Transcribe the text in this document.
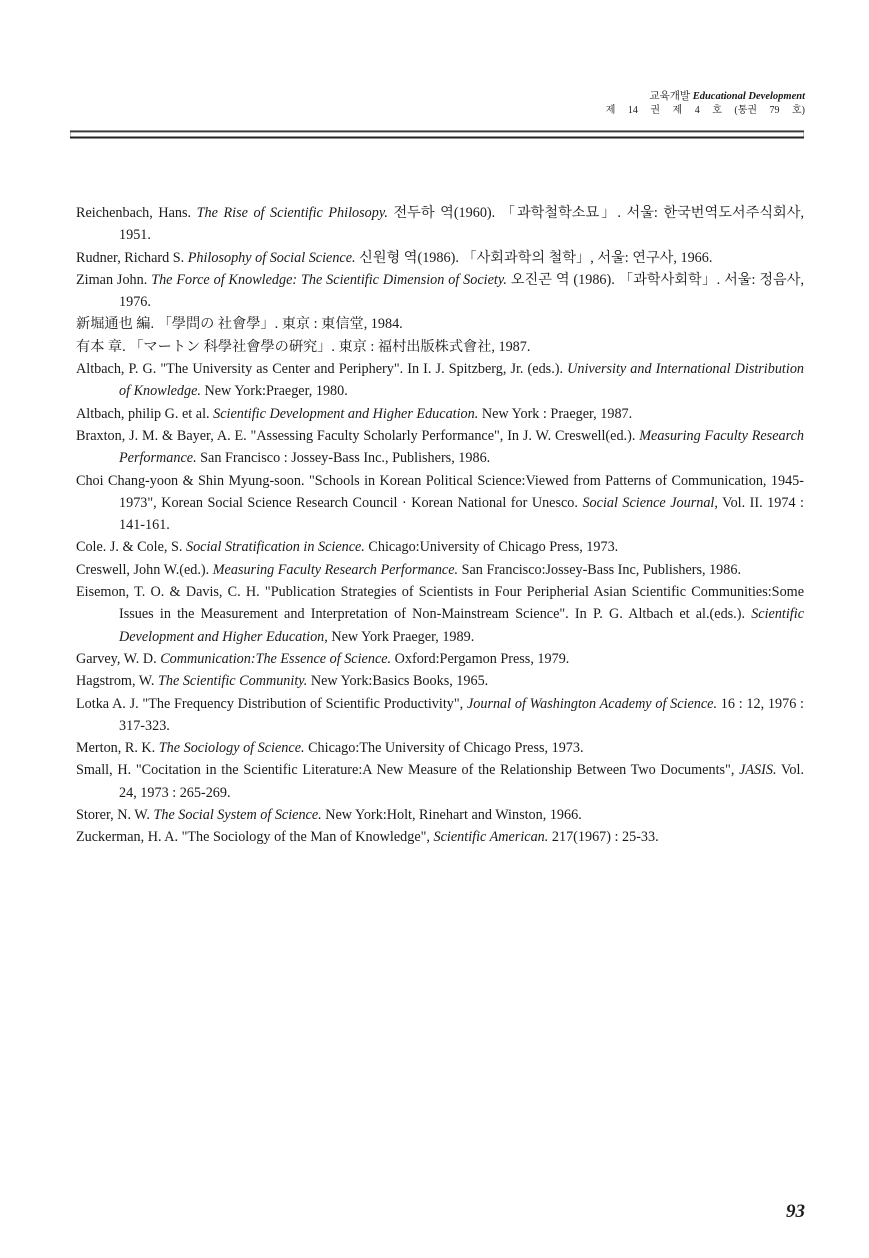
교육개발 Educational Development
제 14 권 제 4 호 (통권 79 호)

Reichenbach, Hans. The Rise of Scientific Philosopy. 전두하 역(1960). 「과학철학소묘」. 서울: 한국번역도서주식회사, 1951.

Rudner, Richard S. Philosophy of Social Science. 신원형 역(1986). 「사회과학의 철학」, 서울: 연구사, 1966.

Ziman John. The Force of Knowledge: The Scientific Dimension of Society. 오진곤 역 (1986). 「과학사회학」. 서울: 정음사, 1976.

新堀通也 編. 「學問の 社會學」. 東京 : 東信堂, 1984.

有本 章. 「マートン 科學社會學の硏究」. 東京 : 福村出版株式會社, 1987.

Altbach, P. G. "The University as Center and Periphery". In I. J. Spitzberg, Jr. (eds.). University and International Distribution of Knowledge. New York:Praeger, 1980.

Altbach, philip G. et al. Scientific Development and Higher Education. New York : Praeger, 1987.

Braxton, J. M. & Bayer, A. E. "Assessing Faculty Scholarly Performance", In J. W. Creswell(ed.). Measuring Faculty Research Performance. San Francisco : Jossey-Bass Inc., Publishers, 1986.

Choi Chang-yoon & Shin Myung-soon. "Schools in Korean Political Science:Viewed from Patterns of Communication, 1945-1973", Korean Social Science Research Council · Korean National for Unesco. Social Science Journal, Vol. II. 1974 : 141-161.

Cole. J. & Cole, S. Social Stratification in Science. Chicago:University of Chicago Press, 1973.

Creswell, John W.(ed.). Measuring Faculty Research Performance. San Francisco:Jossey-Bass Inc, Publishers, 1986.

Eisemon, T. O. & Davis, C. H. "Publication Strategies of Scientists in Four Peripherial Asian Scientific Communities:Some Issues in the Measurement and Interpretation of Non-Mainstream Science". In P. G. Altbach et al.(eds.). Scientific Development and Higher Education, New York Praeger, 1989.

Garvey, W. D. Communication:The Essence of Science. Oxford:Pergamon Press, 1979.

Hagstrom, W. The Scientific Community. New York:Basics Books, 1965.

Lotka A. J. "The Frequency Distribution of Scientific Productivity", Journal of Washington Academy of Science. 16 : 12, 1976 : 317-323.

Merton, R. K. The Sociology of Science. Chicago:The University of Chicago Press, 1973.

Small, H. "Cocitation in the Scientific Literature:A New Measure of the Relationship Between Two Documents", JASIS. Vol. 24, 1973 : 265-269.

Storer, N. W. The Social System of Science. New York:Holt, Rinehart and Winston, 1966.

Zuckerman, H. A. "The Sociology of the Man of Knowledge", Scientific American. 217(1967) : 25-33.

93
